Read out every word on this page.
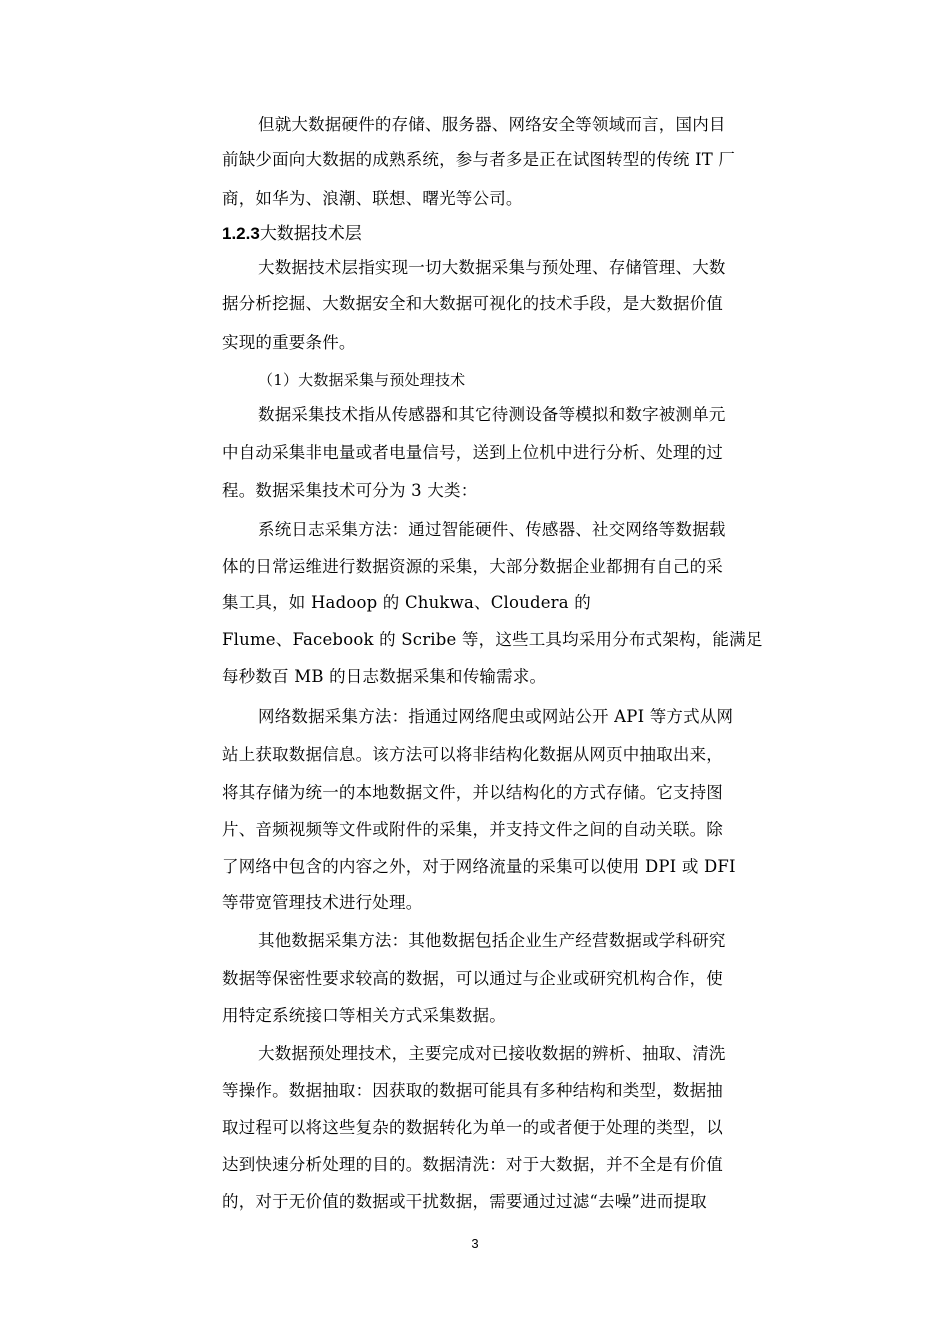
但就大数据硬件的存储、服务器、网络安全等领域而言，国内目
前缺少面向大数据的成熟系统，参与者多是正在试图转型的传统 IT 厂
商，如华为、浪潮、联想、曙光等公司。
1.2.3大数据技术层
大数据技术层指实现一切大数据采集与预处理、存储管理、大数
据分析挖掘、大数据安全和大数据可视化的技术手段，是大数据价值
实现的重要条件。
（1）大数据采集与预处理技术
数据采集技术指从传感器和其它待测设备等模拟和数字被测单元
中自动采集非电量或者电量信号，送到上位机中进行分析、处理的过
程。数据采集技术可分为 3 大类：
系统日志采集方法：通过智能硬件、传感器、社交网络等数据载
体的日常运维进行数据资源的采集，大部分数据企业都拥有自己的采
集工具，如 Hadoop 的 Chukwa、Cloudera 的
Flume、Facebook 的 Scribe 等，这些工具均采用分布式架构，能满足
每秒数百 MB 的日志数据采集和传输需求。
网络数据采集方法：指通过网络爬虫或网站公开 API 等方式从网
站上获取数据信息。该方法可以将非结构化数据从网页中抽取出来，
将其存储为统一的本地数据文件，并以结构化的方式存储。它支持图
片、音频视频等文件或附件的采集，并支持文件之间的自动关联。除
了网络中包含的内容之外，对于网络流量的采集可以使用 DPI 或 DFI
等带宽管理技术进行处理。
其他数据采集方法：其他数据包括企业生产经营数据或学科研究
数据等保密性要求较高的数据，可以通过与企业或研究机构合作，使
用特定系统接口等相关方式采集数据。
大数据预处理技术，主要完成对已接收数据的辨析、抽取、清洗
等操作。数据抽取：因获取的数据可能具有多种结构和类型，数据抽
取过程可以将这些复杂的数据转化为单一的或者便于处理的类型，以
达到快速分析处理的目的。数据清洗：对于大数据，并不全是有价值
的，对于无价值的数据或干扰数据，需要通过过滤“去噪”进而提取
3
